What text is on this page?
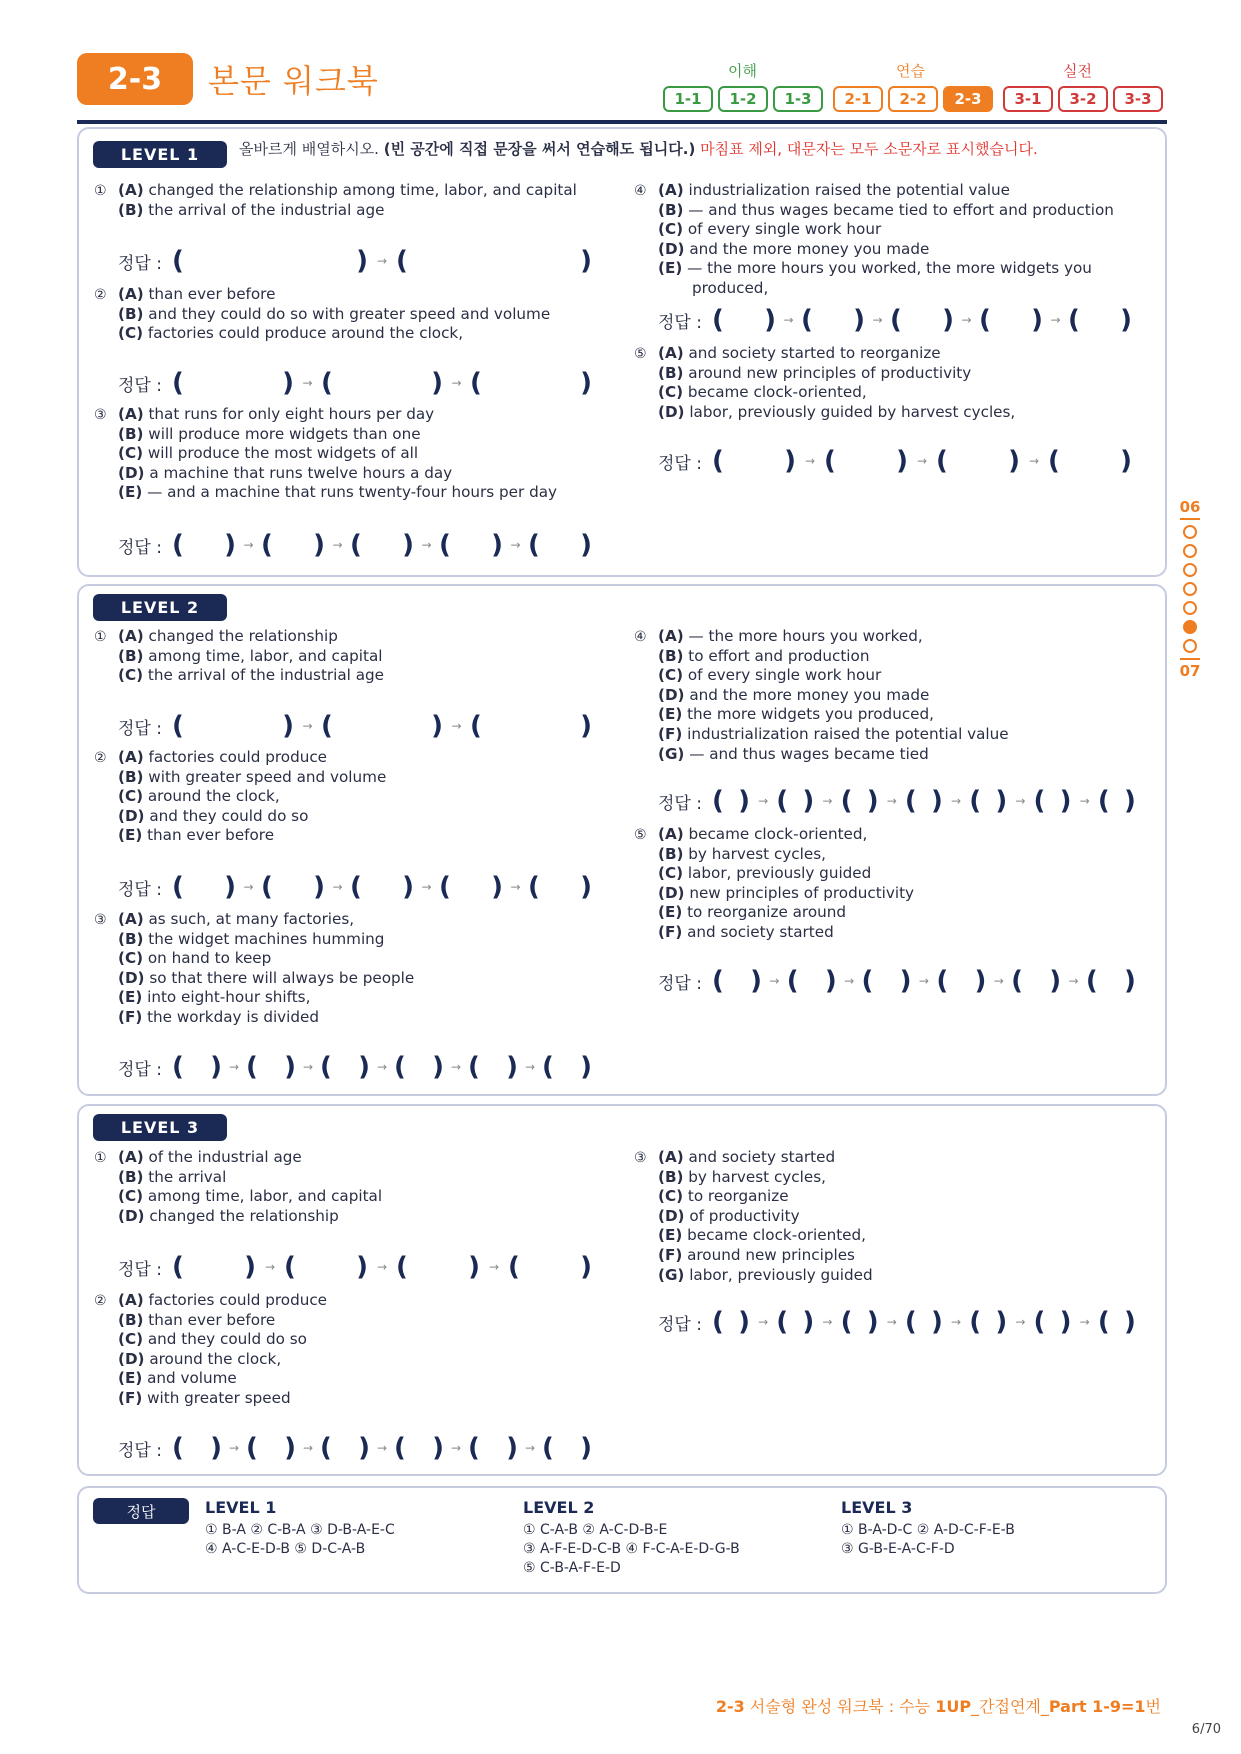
2-3	본문 워크북	이해	연습	실전
1-1	1-2	1-3	2-1	2-2	2-3	3-1	3-2	3-3
LEVEL 1	올바르게 배열하시오. (빈 공간에 직접 문장을 써서 연습해도 됩니다.) 마침표 제외, 대문자는 모두 소문자로 표시했습니다.
① (A) changed the relationship among time, labor, and capital
(B) the arrival of the industrial age
정답 : (	) → (	)
② (A) than ever before
(B) and they could do so with greater speed and volume
(C) factories could produce around the clock,
정답 : (	) → (	) → (	)
③ (A) that runs for only eight hours per day
(B) will produce more widgets than one
(C) will produce the most widgets of all
(D) a machine that runs twelve hours a day
(E) — and a machine that runs twenty-four hours per day
정답 : ( ) → ( ) → ( ) → ( ) → ( )
④ (A) industrialization raised the potential value
(B) — and thus wages became tied to effort and production
(C) of every single work hour
(D) and the more money you made
(E) — the more hours you worked, the more widgets you produced,
정답 : ( ) → ( ) → ( ) → ( ) → ( )
⑤ (A) and society started to reorganize
(B) around new principles of productivity
(C) became clock-oriented,
(D) labor, previously guided by harvest cycles,
정답 : ( ) → ( ) → ( ) → ( )
LEVEL 2
① (A) changed the relationship
(B) among time, labor, and capital
(C) the arrival of the industrial age
정답 : (	) → (	) → (	)
② (A) factories could produce
(B) with greater speed and volume
(C) around the clock,
(D) and they could do so
(E) than ever before
정답 : ( ) → ( ) → ( ) → ( ) → ( )
③ (A) as such, at many factories,
(B) the widget machines humming
(C) on hand to keep
(D) so that there will always be people
(E) into eight-hour shifts,
(F) the workday is divided
정답 : ( ) → ( ) → ( ) → ( ) → ( ) → ( )
④ (A) — the more hours you worked,
(B) to effort and production
(C) of every single work hour
(D) and the more money you made
(E) the more widgets you produced,
(F) industrialization raised the potential value
(G) — and thus wages became tied
정답 : ( ) → ( ) → ( ) → ( ) → ( ) → ( ) → ( )
⑤ (A) became clock-oriented,
(B) by harvest cycles,
(C) labor, previously guided
(D) new principles of productivity
(E) to reorganize around
(F) and society started
정답 : ( ) → ( ) → ( ) → ( ) → ( ) → ( )
LEVEL 3
① (A) of the industrial age
(B) the arrival
(C) among time, labor, and capital
(D) changed the relationship
정답 : ( ) → ( ) → ( ) → ( )
② (A) factories could produce
(B) than ever before
(C) and they could do so
(D) around the clock,
(E) and volume
(F) with greater speed
정답 : ( ) → ( ) → ( ) → ( ) → ( ) → ( )
③ (A) and society started
(B) by harvest cycles,
(C) to reorganize
(D) of productivity
(E) became clock-oriented,
(F) around new principles
(G) labor, previously guided
정답 : ( ) → ( ) → ( ) → ( ) → ( ) → ( ) → ( )
정답	LEVEL 1
① B-A ② C-B-A ③ D-B-A-E-C
④ A-C-E-D-B ⑤ D-C-A-B
LEVEL 2
① C-A-B ② A-C-D-B-E
③ A-F-E-D-C-B ④ F-C-A-E-D-G-B
⑤ C-B-A-F-E-D
LEVEL 3
① B-A-D-C ② A-D-C-F-E-B
③ G-B-E-A-C-F-D
06
07
2-3 서술형 완성 워크북 : 수능 1UP_간접연계_Part 1-9=1번
6/70
